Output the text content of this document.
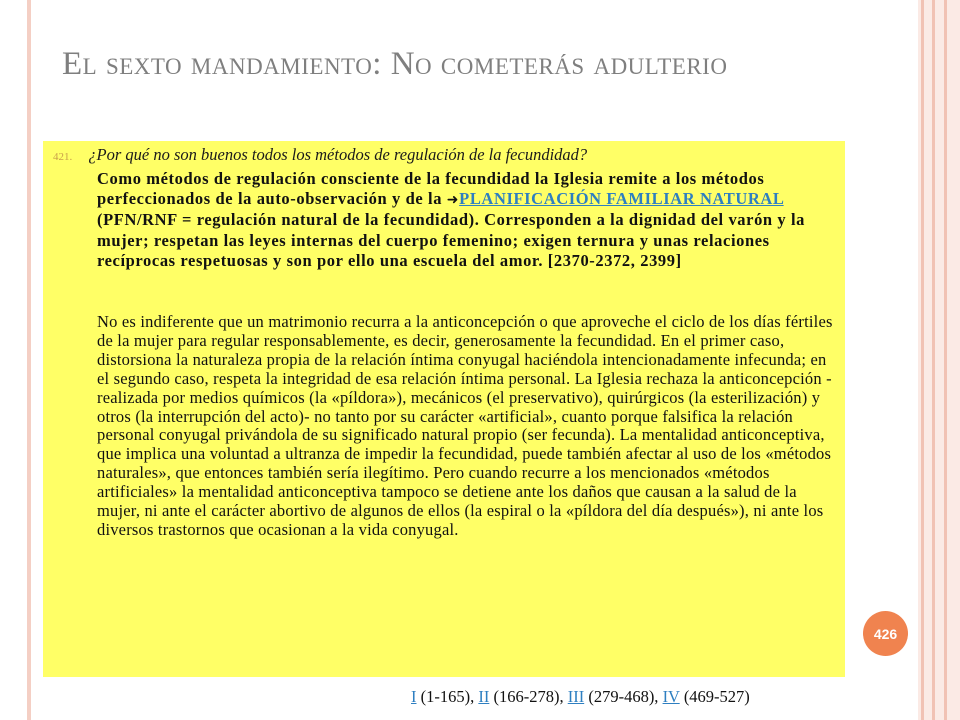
El sexto mandamiento: No cometerás adulterio
421. ¿Por qué no son buenos todos los métodos de regulación de la fecundidad?
Como métodos de regulación consciente de la fecundidad la Iglesia remite a los métodos perfeccionados de la auto-observación y de la ➜PLANIFICACIÓN FAMILIAR NATURAL (PFN/RNF = regulación natural de la fecundidad). Corresponden a la dignidad del varón y la mujer; respetan las leyes internas del cuerpo femenino; exigen ternura y unas relaciones recíprocas respetuosas y son por ello una escuela del amor. [2370-2372, 2399]
No es indiferente que un matrimonio recurra a la anticoncepción o que aproveche el ciclo de los días fértiles de la mujer para regular responsablemente, es decir, generosamente la fecundidad. En el primer caso, distorsiona la naturaleza propia de la relación íntima conyugal haciéndola intencionadamente infecunda; en el segundo caso, respeta la integridad de esa relación íntima personal. La Iglesia rechaza la anticoncepción -realizada por medios químicos (la «píldora»), mecánicos (el preservativo), quirúrgicos (la esterilización) y otros (la interrupción del acto)- no tanto por su carácter «artificial», cuanto porque falsifica la relación personal conyugal privándola de su significado natural propio (ser fecunda). La mentalidad anticonceptiva, que implica una voluntad a ultranza de impedir la fecundidad, puede también afectar al uso de los «métodos naturales», que entonces también sería ilegítimo. Pero cuando recurre a los mencionados «métodos artificiales» la mentalidad anticonceptiva tampoco se detiene ante los daños que causan a la salud de la mujer, ni ante el carácter abortivo de algunos de ellos (la espiral o la «píldora del día después»), ni ante los diversos trastornos que ocasionan a la vida conyugal.
426
I (1-165), II (166-278), III (279-468), IV (469-527)
